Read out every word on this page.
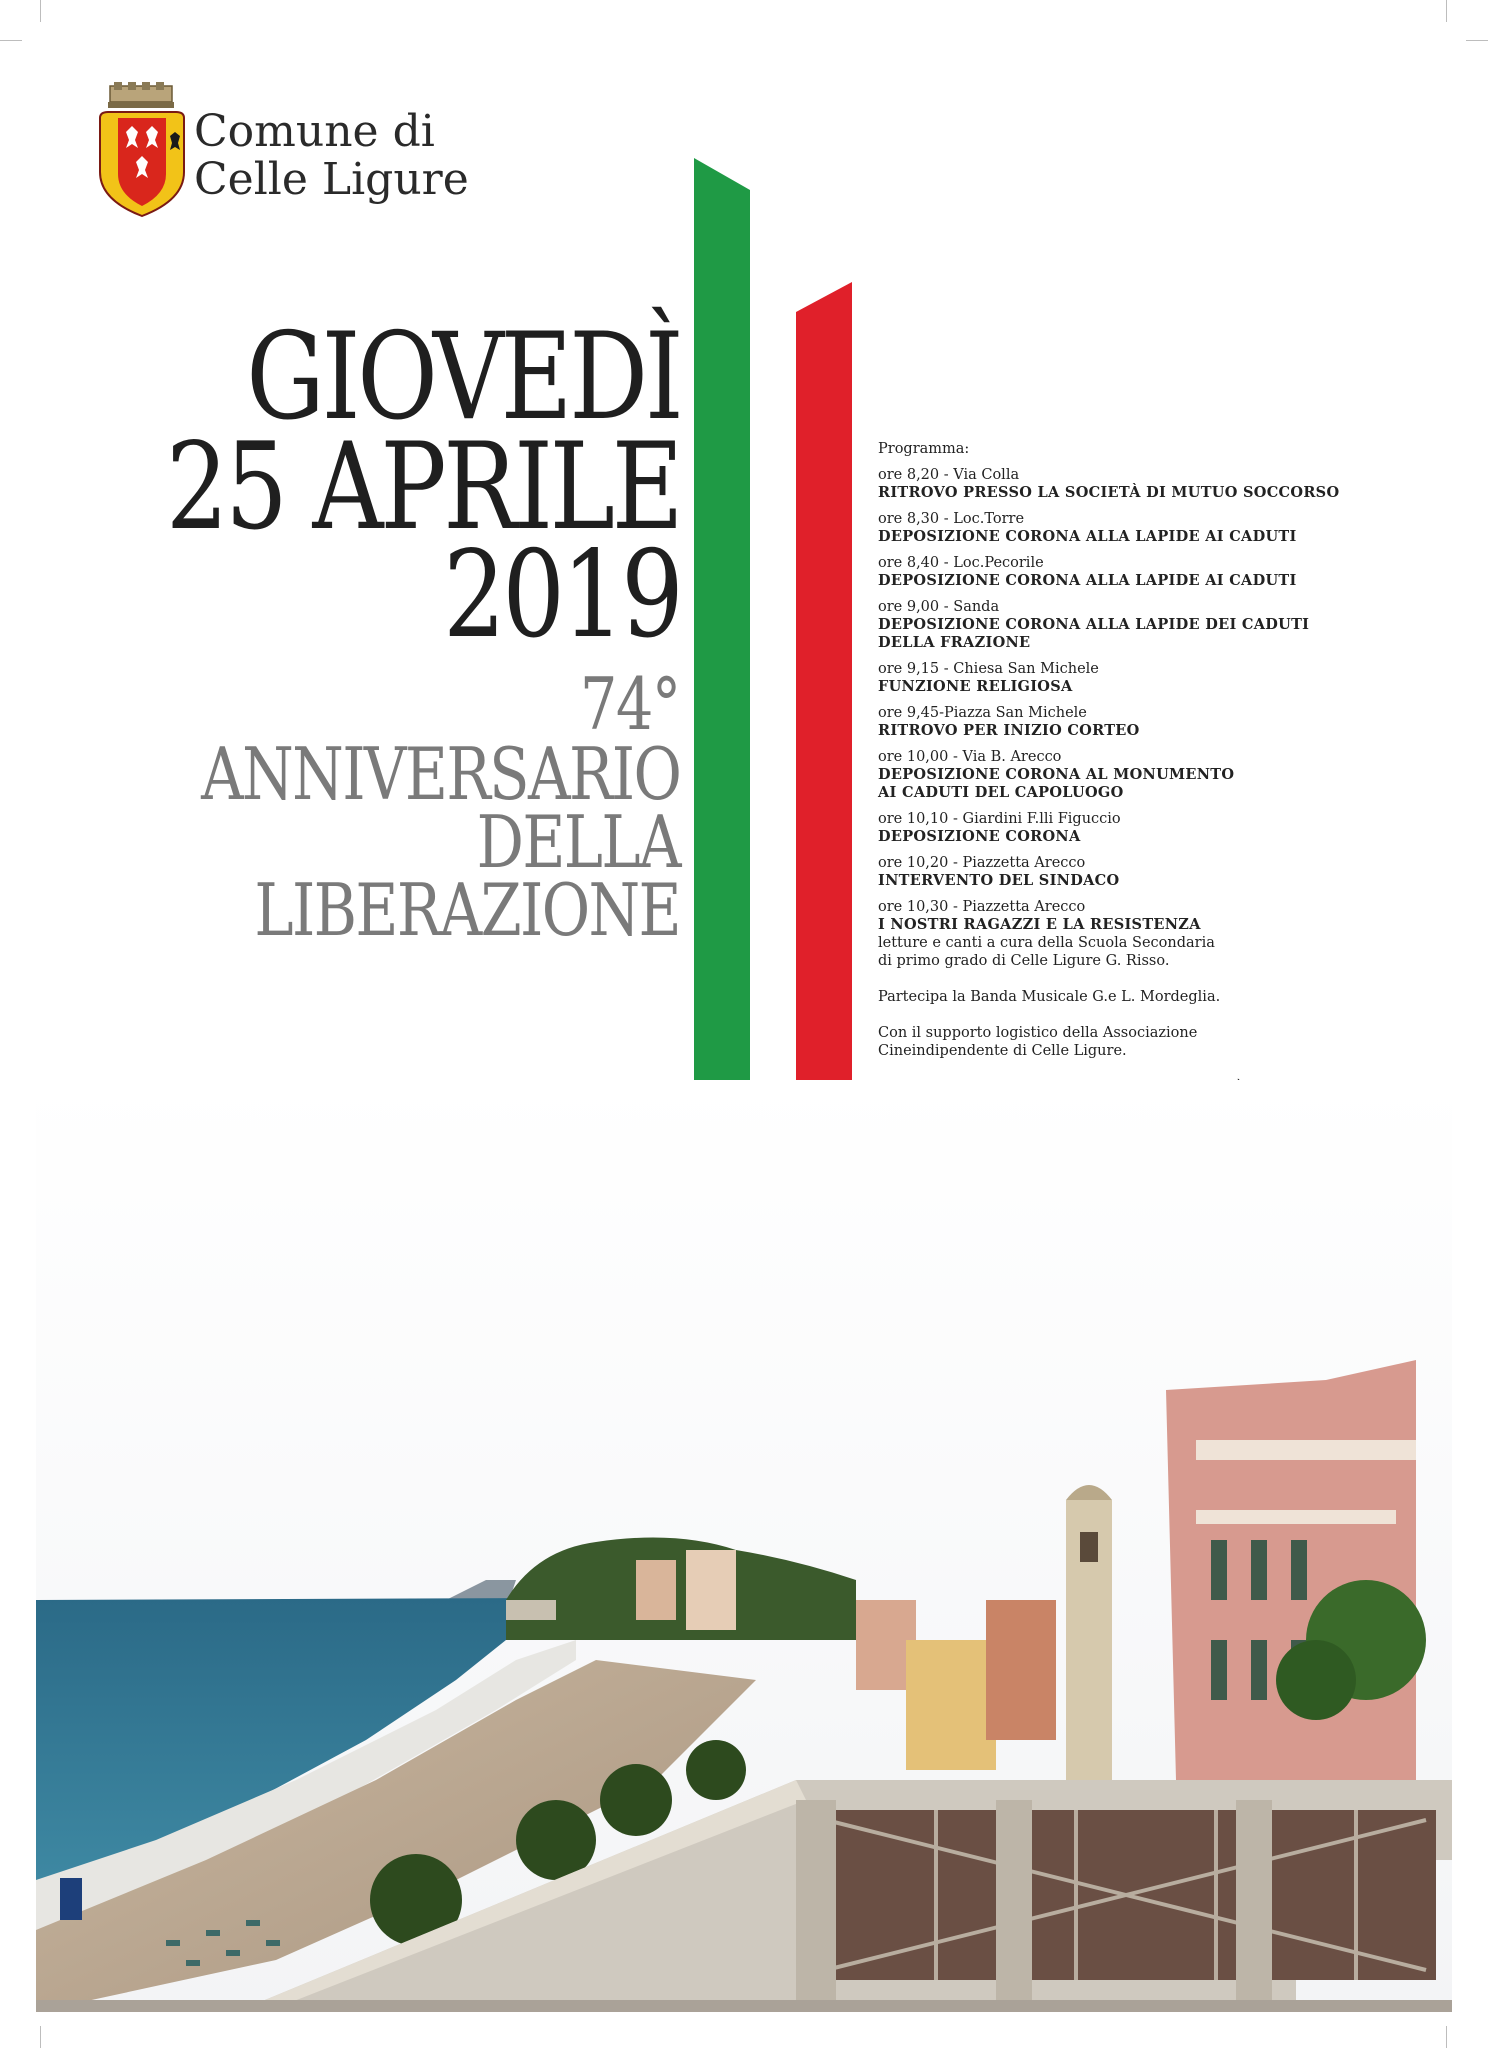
Comune di
Celle Ligure
GIOVEDÌ
25 APRILE
2019
74°
ANNIVERSARIO
DELLA
LIBERAZIONE
Programma:
ore 8,20 - Via Colla
RITROVO PRESSO LA SOCIETÀ DI MUTUO SOCCORSO
ore 8,30 - Loc.Torre
DEPOSIZIONE CORONA ALLA LAPIDE AI CADUTI
ore 8,40 - Loc.Pecorile
DEPOSIZIONE CORONA ALLA LAPIDE AI CADUTI
ore 9,00 - Sanda
DEPOSIZIONE CORONA ALLA LAPIDE DEI CADUTI
DELLA FRAZIONE
ore 9,15 - Chiesa San Michele
FUNZIONE RELIGIOSA
ore 9,45-Piazza San Michele
RITROVO PER INIZIO CORTEO
ore 10,00 - Via B. Arecco
DEPOSIZIONE CORONA AL MONUMENTO
AI CADUTI DEL CAPOLUOGO
ore 10,10 - Giardini F.lli Figuccio
DEPOSIZIONE CORONA
ore 10,20 - Piazzetta Arecco
INTERVENTO DEL SINDACO
ore 10,30 - Piazzetta Arecco
I NOSTRI RAGAZZI E LA RESISTENZA
letture e canti a cura della Scuola Secondaria
di primo grado di Celle Ligure G. Risso.
Partecipa la Banda Musicale G.e L. Mordeglia.
Con il supporto logistico della Associazione
Cineindipendente di Celle Ligure.
